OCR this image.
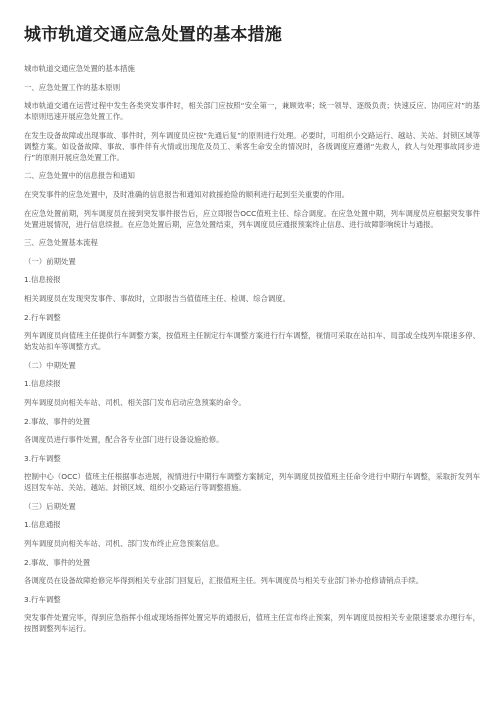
城市轨道交通应急处置的基本措施

城市轨道交通应急处置的基本措施

一、应急处置工作的基本原则

城市轨道交通在运营过程中发生各类突发事件时，相关部门应按照“安全第一，兼顾效率；统一领导、逐级负责；快速反应、协同应对”的基本原则迅速开展应急处置工作。

在发生设备故障或出现事故、事件时，列车调度员应按“先通后复”的原则进行处理。必要时，可组织小交路运行、越站、关站、封锁区域等调整方案。如设备故障、事故、事件伴有火情或出现危及员工、乘客生命安全的情况时，各级调度应遵循“先救人，救人与处理事故同步进行”的原则开展应急处置工作。

二、应急处置中的信息报告和通知

在突发事件的应急处置中，及时准确的信息报告和通知对救援抢险的顺利进行起到至关重要的作用。

在应急处置前期，列车调度员在接到突发事件报告后，应立即报告OCC值班主任、综合调度。在应急处置中期，列车调度员应根据突发事件处置进展情况，进行信息续报。在应急处置后期，应急处置结束，列车调度员应通报预案终止信息、进行故障影响统计与通报。

三、应急处置基本流程

（一）前期处置

1.信息接报

相关调度员在发现突发事件、事故时，立即报告当值值班主任、检调、综合调度。

2.行车调整

列车调度员向值班主任提供行车调整方案，按值班主任制定行车调整方案进行行车调整，视情可采取在站扣车、局部或全线列车限速多停、始发站扣车等调整方式。

（二）中期处置

1.信息续报

列车调度员向相关车站、司机、相关部门发布启动应急预案的命令。

2.事故、事件的处置

各调度员进行事件处置，配合各专业部门进行设备设施抢修。

3.行车调整

控制中心（OCC）值班主任根据事态进展，视情进行中期行车调整方案制定，列车调度员按值班主任命令进行中期行车调整，采取折发列车返回发车站、关站、越站、封锁区域、组织小交路运行等调整措施。

（三）后期处置

1.信息通报

列车调度员向相关车站、司机、部门发布终止应急预案信息。

2.事故、事件的处置

各调度员在设备故障抢修完毕得到相关专业部门回复后，汇报值班主任。列车调度员与相关专业部门补办抢修请销点手续。

3.行车调整

突发事件处置完毕，得到应急指挥小组或现场指挥处置完毕的通报后，值班主任宣布终止预案，列车调度员按相关专业限速要求办理行车，按图调整列车运行。
